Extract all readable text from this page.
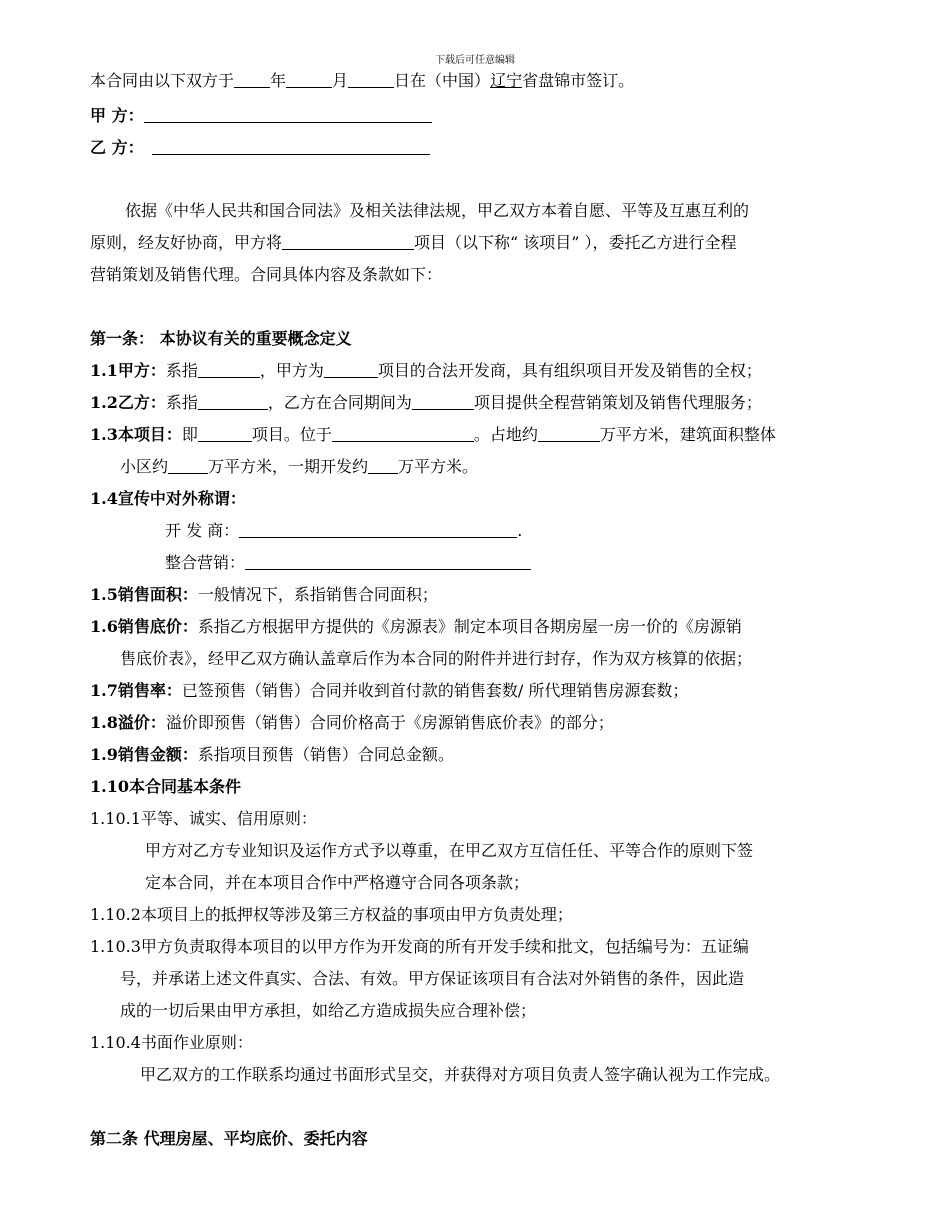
下载后可任意编辑
本合同由以下双方于 年	月	日在（中国）辽宁省盘锦市签订。
甲 方：
乙 方：
依据《中华人民共和国合同法》及相关法律法规，甲乙双方本着自愿、平等及互惠互利的
原则，经友好协商，甲方将	项目（以下称“ 该项目” ），委托乙方进行全程
营销策划及销售代理。合同具体内容及条款如下：
第一条： 本协议有关的重要概念定义
1.1甲方：系指	，甲方为	项目的合法开发商，具有组织项目开发及销售的全权；
1.2乙方：系指	，乙方在合同期间为	项目提供全程营销策划及销售代理服务；
1.3本项目：即	项目。位于	。占地约	万平方米，建筑面积整体
小区约	万平方米，一期开发约 万平方米。
1.4宣传中对外称谓：
开 发 商：	.
整合营销：
1.5销售面积：一般情况下，系指销售合同面积；
1.6销售底价：系指乙方根据甲方提供的《房源表》制定本项目各期房屋一房一价的《房源销
售底价表》，经甲乙双方确认盖章后作为本合同的附件并进行封存，作为双方核算的依据；
1.7销售率：已签预售（销售）合同并收到首付款的销售套数/ 所代理销售房源套数；
1.8溢价：溢价即预售（销售）合同价格高于《房源销售底价表》的部分；
1.9销售金额：系指项目预售（销售）合同总金额。
1.10本合同基本条件
1.10.1平等、诚实、信用原则：
甲方对乙方专业知识及运作方式予以尊重，在甲乙双方互信任任、平等合作的原则下签
定本合同，并在本项目合作中严格遵守合同各项条款；
1.10.2本项目上的抵押权等涉及第三方权益的事项由甲方负责处理；
1.10.3甲方负责取得本项目的以甲方作为开发商的所有开发手续和批文，包括编号为：五证编
号，并承诺上述文件真实、合法、有效。甲方保证该项目有合法对外销售的条件，因此造
成的一切后果由甲方承担，如给乙方造成损失应合理补偿；
1.10.4书面作业原则：
甲乙双方的工作联系均通过书面形式呈交，并获得对方项目负责人签字确认视为工作完成。
第二条 代理房屋、平均底价、委托内容
